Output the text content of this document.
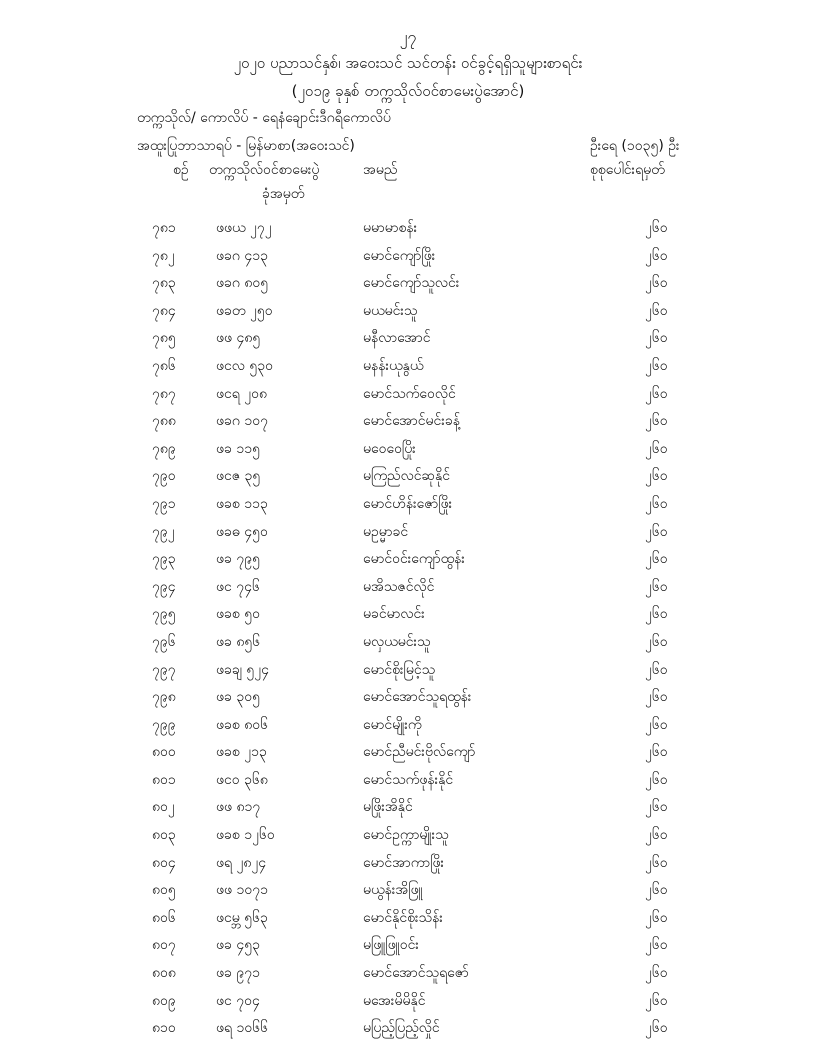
၂၇
၂၀၂၀ ပညာသင်နှစ်၊ အဝေးသင် သင်တန်း ဝင်ခွင့်ရရှိသူများစာရင်း
(၂၀၁၉ ခုနှစ် တက္ကသိုလ်ဝင်စာမေးပွဲအောင်)
တက္ကသိုလ်/ ကောလိပ် - ရေနံချောင်းဒီဂရီကောလိပ်
အထူးပြုဘာသာရပ် - မြန်မာစာ(အဝေးသင်)	ဦးရေ (၁၀၃၅) ဦး
စဉ် တက္ကသိုလ်ဝင်စာမေးပွဲ
ခုံအမှတ်
အမည်	စုစုပေါင်းရမှတ်
၇၈၁	ဖဖယ ၂၇၂	မမာမာစန်း	၂၆၀
၇၈၂	ဖခဂ ၄၁၃	မောင်ကျော်ဖြိုး	၂၆၀
၇၈၃	ဖခဂ ၈၀၅	မောင်ကျော်သူလင်း	၂၆၀
၇၈၄	ဖခတ ၂၅၀	မယမင်းသူ	၂၆၀
၇၈၅	ဖဖ ၄၈၅	မနီလာအောင်	၂၆၀
၇၈၆	ဖငလ ၅၃၀	မနန်းယုနွယ်	၂၆၀
၇၈၇	ဖငရ ၂၀၈	မောင်သက်ဝေလိုင်	၂၆၀
၇၈၈	ဖခဂ ၁၀၇	မောင်အောင်မင်းခန့်	၂၆၀
၇၈၉	ဖခ ၁၁၅	မဝေဝေပြိုး	၂၆၀
၇၉၀	ဖငဇ ၃၅	မကြည်လင်ဆုနိုင်	၂၆၀
၇၉၁	ဖခစ ၁၁၃	မောင်ဟိန်းဇော်ဖြိုး	၂၆၀
၇၉၂	ဖခဓ ၄၅၀	မဥမ္မာခင်	၂၆၀
၇၉၃	ဖခ ၇၉၅	မောင်ဝင်းကျော်ထွန်း	၂၆၀
၇၉၄	ဖင ၇၄၆	မအိသဇင်လိုင်	၂၆၀
၇၉၅	ဖခစ ၅၀	မခင်မာလင်း	၂၆၀
၇၉၆	ဖခ ၈၅၆	မလှယမင်းသူ	၂၆၀
၇၉၇	ဖခချ ၅၂၄	မောင်စိုးမြင့်သူ	၂၆၀
၇၉၈	ဖခ ၃၀၅	မောင်အောင်သူရထွန်း	၂၆၀
၇၉၉	ဖခစ ၈၀၆	မောင်မျိုးကို	၂၆၀
၈၀၀	ဖခစ ၂၁၃	မောင်ညီမင်းဗိုလ်ကျော်	၂၆၀
၈၀၁	ဖငဝ ၃၆၈	မောင်သက်ဖုန်းနိုင်	၂၆၀
၈၀၂	ဖဖ ၈၁၇	မဖြိုးအိနိုင်	၂၆၀
၈၀၃	ဖခစ ၁၂၆၀	မောင်ဥက္ကာမျိုးသူ	၂၆၀
၈၀၄	ဖရ ၂၈၂၄	မောင်အာကာဖြိုး	၂၆၀
၈၀၅	ဖဖ ၁၀၇၁	မယွန်းအိဖြူ	၂၆၀
၈၀၆	ဖငမ္ဘ ၅၆၃	မောင်နိုင်စိုးသိန်း	၂၆၀
၈၀၇	ဖခ ၄၅၃	မဖြူဖြူဝင်း	၂၆၀
၈၀၈	ဖခ ၉၇၁	မောင်အောင်သူရဇော်	၂၆၀
၈၀၉	ဖင ၇၀၄	မအေးမိမိနိုင်	၂၆၀
၈၁၀	ဖရ ၁၀၆၆	မပြည့်ပြည့်လှိုင်	၂၆၀
